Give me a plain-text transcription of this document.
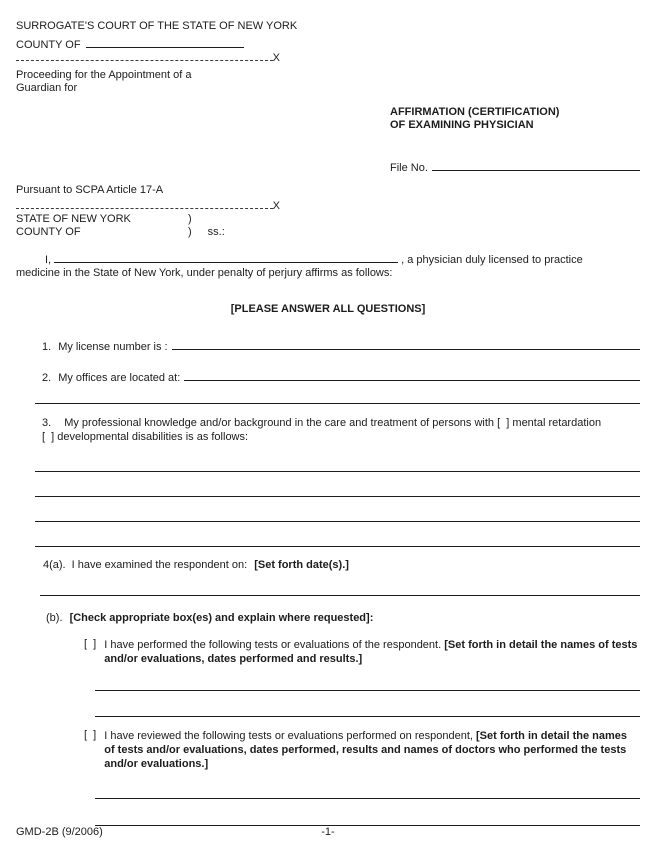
SURROGATE'S COURT OF THE STATE OF NEW YORK
COUNTY OF
X
Proceeding for the Appointment of a
Guardian for
AFFIRMATION (CERTIFICATION)
OF EXAMINING PHYSICIAN
File No.
Pursuant to SCPA Article 17-A
X
STATE OF NEW YORK	)
COUNTY OF	) ss.:
I,	, a physician duly licensed to practice
medicine in the State of New York, under penalty of perjury affirms as follows:
[PLEASE ANSWER ALL QUESTIONS]
1. My license number is :
2. My offices are located at:
3. My professional knowledge and/or background in the care and treatment of persons with [  ] mental retardation
[  ] developmental disabilities is as follows:
4(a). I have examined the respondent on: [Set forth date(s).]
(b). [Check appropriate box(es) and explain where requested]:
[  ] I have performed the following tests or evaluations of the respondent. [Set forth in detail the names of tests and/or evaluations, dates performed and results.]
[  ] I have reviewed the following tests or evaluations performed on respondent, [Set forth in detail the names of tests and/or evaluations, dates performed, results and names of doctors who performed the tests and/or evaluations.]
GMD-2B (9/2006)	-1-
